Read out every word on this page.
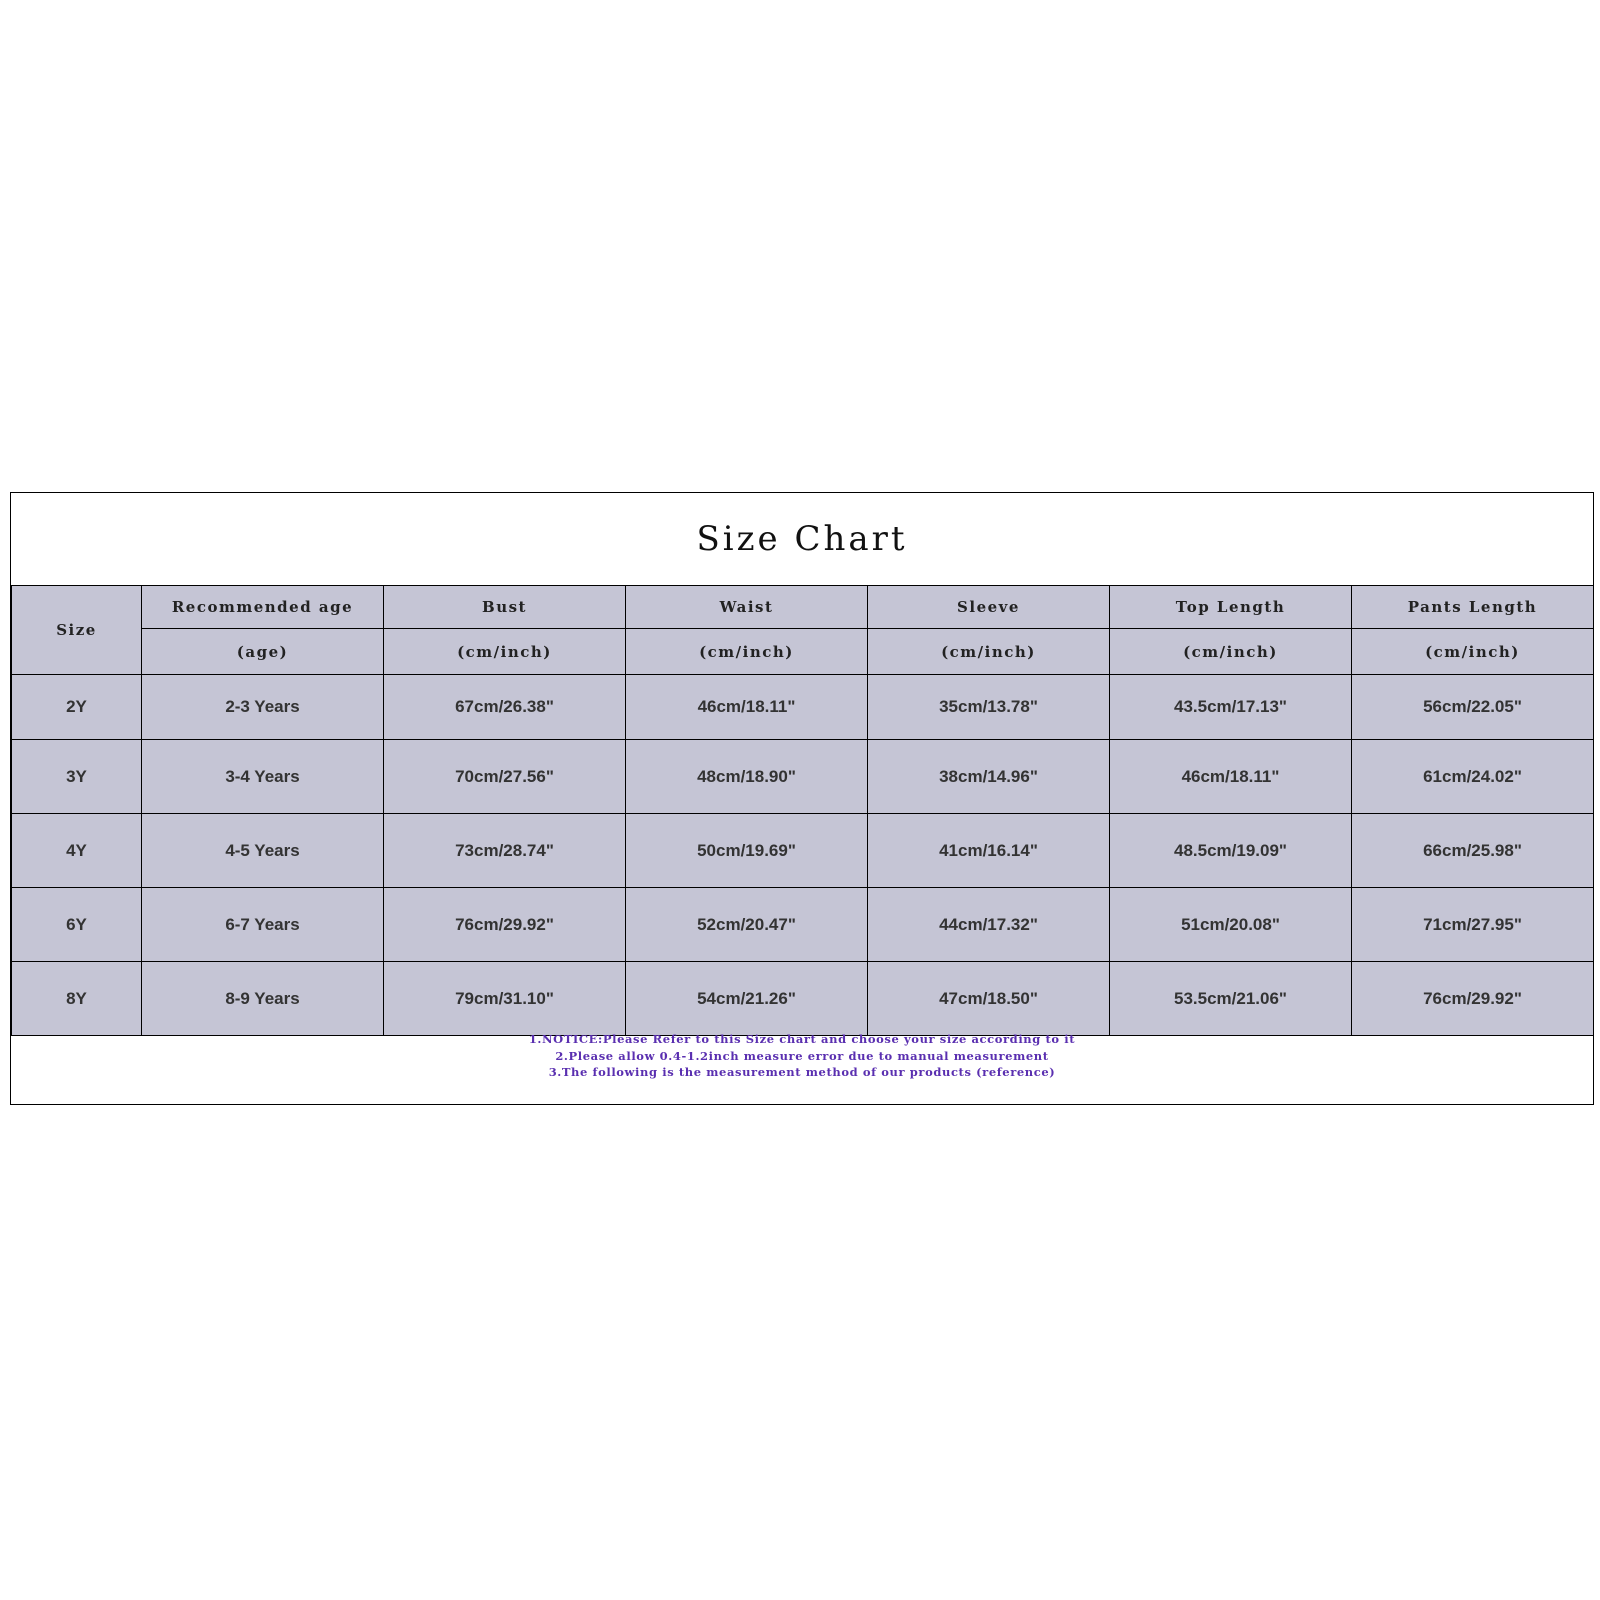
Size Chart
Size	Recommended age	Bust	Waist	Sleeve	Top Length	Pants Length
	(age)	(cm/inch)	(cm/inch)	(cm/inch)	(cm/inch)	(cm/inch)
2Y	2-3 Years	67cm/26.38"	46cm/18.11"	35cm/13.78"	43.5cm/17.13"	56cm/22.05"
3Y	3-4 Years	70cm/27.56"	48cm/18.90"	38cm/14.96"	46cm/18.11"	61cm/24.02"
4Y	4-5 Years	73cm/28.74"	50cm/19.69"	41cm/16.14"	48.5cm/19.09"	66cm/25.98"
6Y	6-7 Years	76cm/29.92"	52cm/20.47"	44cm/17.32"	51cm/20.08"	71cm/27.95"
8Y	8-9 Years	79cm/31.10"	54cm/21.26"	47cm/18.50"	53.5cm/21.06"	76cm/29.92"
1.NOTICE:Please Refer to this Size chart and choose your size according to it
2.Please allow 0.4-1.2inch measure error due to manual measurement
3.The following is the measurement method of our products (reference)
